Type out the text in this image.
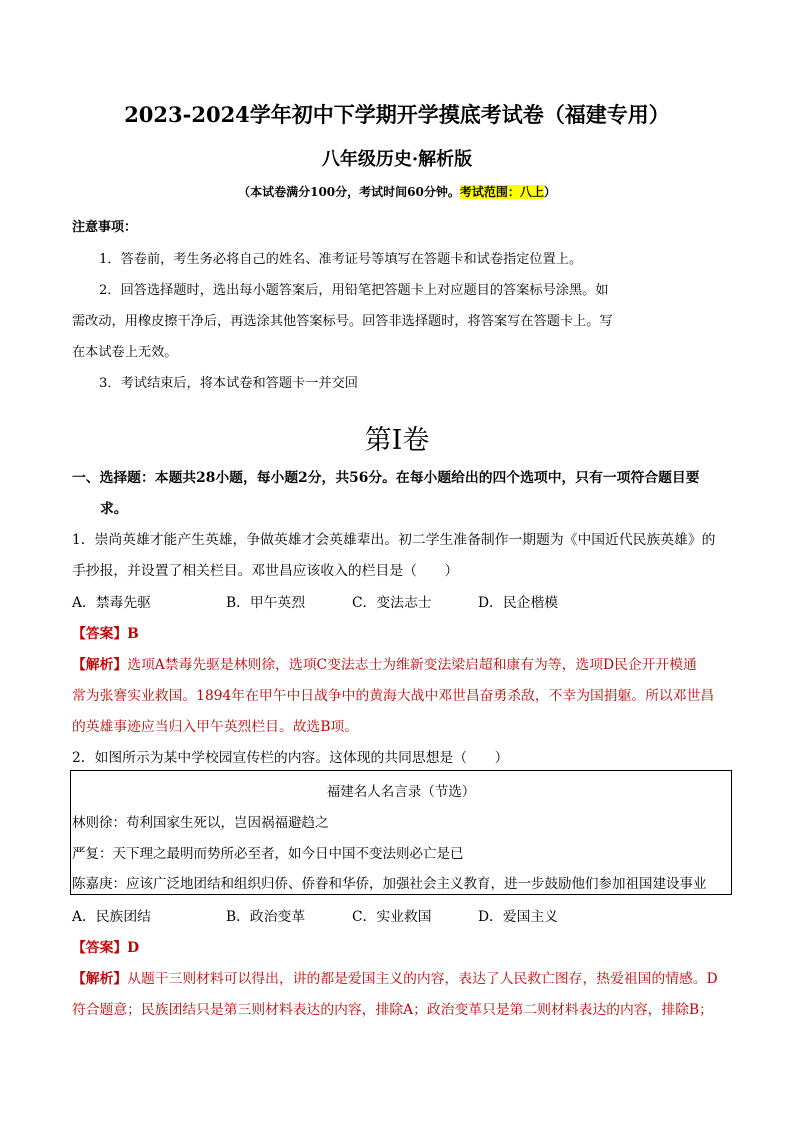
2023-2024学年初中下学期开学摸底考试卷（福建专用）
八年级历史·解析版
（本试卷满分100分，考试时间60分钟。考试范围：八上）
注意事项：
1．答卷前，考生务必将自己的姓名、准考证号等填写在答题卡和试卷指定位置上。
2．回答选择题时，选出每小题答案后，用铅笔把答题卡上对应题目的答案标号涂黑。如
需改动，用橡皮擦干净后，再选涂其他答案标号。回答非选择题时，将答案写在答题卡上。写
在本试卷上无效。
3．考试结束后，将本试卷和答题卡一并交回
第Ⅰ卷
一、选择题：本题共28小题，每小题2分，共56分。在每小题给出的四个选项中，只有一项符合题目要
求。
1．崇尚英雄才能产生英雄，争做英雄才会英雄辈出。初二学生准备制作一期题为《中国近代民族英雄》的
手抄报，并设置了相关栏目。邓世昌应该收入的栏目是（　　）
A．禁毒先驱	B．甲午英烈	C．变法志士	D．民企楷模
【答案】B
【解析】选项A禁毒先驱是林则徐，选项C变法志士为维新变法梁启超和康有为等，选项D民企开开模通
常为张謇实业救国。1894年在甲午中日战争中的黄海大战中邓世昌奋勇杀敌，不幸为国捐躯。所以邓世昌
的英雄事迹应当归入甲午英烈栏目。故选B项。
2．如图所示为某中学校园宣传栏的内容。这体现的共同思想是（　　）
福建名人名言录（节选）
林则徐：苟利国家生死以，岂因祸福避趋之
严复：天下理之最明而势所必至者，如今日中国不变法则必亡是已
陈嘉庚：应该广泛地团结和组织归侨、侨眷和华侨，加强社会主义教育，进一步鼓励他们参加祖国建设事业
A．民族团结	B．政治变革	C．实业救国	D．爱国主义
【答案】D
【解析】从题干三则材料可以得出，讲的都是爱国主义的内容，表达了人民救亡图存，热爱祖国的情感。D
符合题意；民族团结只是第三则材料表达的内容，排除A；政治变革只是第二则材料表达的内容，排除B；
